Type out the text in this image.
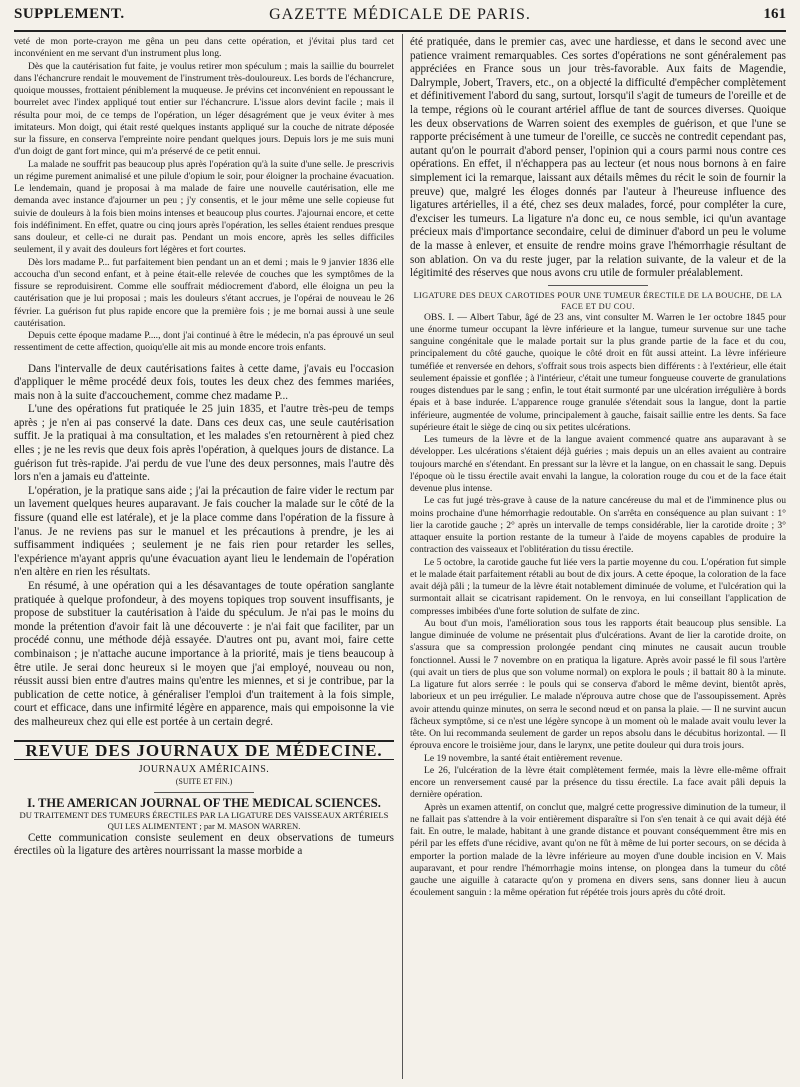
SUPPLEMENT.	GAZETTE MÉDICALE DE PARIS.	161

veté de mon porte-crayon me gêna un peu dans cette opération, et j'évitai plus tard cet inconvénient en me servant d'un instrument plus long.

Dès que la cautérisation fut faite, je voulus retirer mon spéculum ; mais la saillie du bourrelet dans l'échancrure rendait le mouvement de l'instrument très-douloureux. Les bords de l'échancrure, quoique mousses, frottaient péniblement la muqueuse. Je prévins cet inconvénient en repoussant le bourrelet avec l'index appliqué tout entier sur l'échancrure. L'issue alors devint facile ; mais il résulta pour moi, de ce temps de l'opération, un léger désagrément que je veux éviter à mes imitateurs. Mon doigt, qui était resté quelques instants appliqué sur la couche de nitrate déposée sur la fissure, en conserva l'empreinte noire pendant quelques jours. Depuis lors je me suis muni d'un doigt de gant fort mince, qui m'a préservé de ce petit ennui.

La malade ne souffrit pas beaucoup plus après l'opération qu'à la suite d'une selle. Je prescrivis un régime purement animalisé et une pilule d'opium le soir, pour éloigner la prochaine évacuation. Le lendemain, quand je proposai à ma malade de faire une nouvelle cautérisation, elle me demanda avec instance d'ajourner un peu ; j'y consentis, et le jour même une selle copieuse fut suivie de douleurs à la fois bien moins intenses et beaucoup plus courtes. J'ajournai encore, et cette fois indéfiniment. En effet, quatre ou cinq jours après l'opération, les selles étaient rendues presque sans douleur, et celle-ci ne durait pas. Pendant un mois encore, après les selles difficiles seulement, il y avait des douleurs fort légères et fort courtes.

Dès lors madame P... fut parfaitement bien pendant un an et demi ; mais le 9 janvier 1836 elle accoucha d'un second enfant, et à peine était-elle relevée de couches que les symptômes de la fissure se reproduisirent. Comme elle souffrait médiocrement d'abord, elle éloigna un peu la cautérisation que je lui proposai ; mais les douleurs s'étant accrues, je l'opérai de nouveau le 26 février. La guérison fut plus rapide encore que la première fois ; je me bornai aussi à une seule cautérisation.

Depuis cette époque madame P...., dont j'ai continué à être le médecin, n'a pas éprouvé un seul ressentiment de cette affection, quoiqu'elle ait mis au monde encore trois enfants.

Dans l'intervalle de deux cautérisations faites à cette dame, j'avais eu l'occasion d'appliquer le même procédé deux fois, toutes les deux chez des femmes mariées, mais non à la suite d'accouchement, comme chez madame P...

L'une des opérations fut pratiquée le 25 juin 1835, et l'autre très-peu de temps après ; je n'en ai pas conservé la date. Dans ces deux cas, une seule cautérisation suffit. Je la pratiquai à ma consultation, et les malades s'en retournèrent à pied chez elles ; je ne les revis que deux fois après l'opération, à quelques jours de distance. La guérison fut très-rapide. J'ai perdu de vue l'une des deux personnes, mais l'autre dès lors n'en a jamais eu d'atteinte.

L'opération, je la pratique sans aide ; j'ai la précaution de faire vider le rectum par un lavement quelques heures auparavant. Je fais coucher la malade sur le côté de la fissure (quand elle est latérale), et je la place comme dans l'opération de la fissure à l'anus. Je ne reviens pas sur le manuel et les précautions à prendre, je les ai suffisamment indiquées ; seulement je ne fais rien pour retarder les selles, l'expérience m'ayant appris qu'une évacuation ayant lieu le lendemain de l'opération n'en altère en rien les résultats.

En résumé, à une opération qui a les désavantages de toute opération sanglante pratiquée à quelque profondeur, à des moyens topiques trop souvent insuffisants, je propose de substituer la cautérisation à l'aide du spéculum. Je n'ai pas le moins du monde la prétention d'avoir fait là une découverte : je n'ai fait que faciliter, par un procédé connu, une méthode déjà essayée. D'autres ont pu, avant moi, faire cette combinaison ; je n'attache aucune importance à la priorité, mais je tiens beaucoup à être utile. Je serai donc heureux si le moyen que j'ai employé, nouveau ou non, réussit aussi bien entre d'autres mains qu'entre les miennes, et si je contribue, par la publication de cette notice, à généraliser l'emploi d'un traitement à la fois simple, court et efficace, dans une infirmité légère en apparence, mais qui empoisonne la vie des malheureux chez qui elle est portée à un certain degré.

REVUE DES JOURNAUX DE MÉDECINE.

JOURNAUX AMÉRICAINS.

(SUITE ET FIN.)

I. THE AMERICAN JOURNAL OF THE MEDICAL SCIENCES.

DU TRAITEMENT DES TUMEURS ÉRECTILES PAR LA LIGATURE DES VAISSEAUX ARTÉRIELS QUI LES ALIMENTENT ; par M. MASON WARREN.

Cette communication consiste seulement en deux observations de tumeurs érectiles où la ligature des artères nourrissant la masse morbide a

été pratiquée, dans le premier cas, avec une hardiesse, et dans le second avec une patience vraiment remarquables. Ces sortes d'opérations ne sont généralement pas appréciées en France sous un jour très-favorable. Aux faits de Magendie, Dalrymple, Jobert, Travers, etc., on a objecté la difficulté d'empêcher complètement et définitivement l'abord du sang, surtout, lorsqu'il s'agit de tumeurs de l'oreille et de la tempe, régions où le courant artériel afflue de tant de sources diverses. Quoique les deux observations de Warren soient des exemples de guérison, et que l'une se rapporte précisément à une tumeur de l'oreille, ce succès ne contredit cependant pas, autant qu'on le pourrait d'abord penser, l'opinion qui a cours parmi nous contre ces opérations. En effet, il n'échappera pas au lecteur (et nous nous bornons à en faire simplement ici la remarque, laissant aux détails mêmes du récit le soin de fournir la preuve) que, malgré les éloges donnés par l'auteur à l'heureuse influence des ligatures artérielles, il a été, chez ses deux malades, forcé, pour compléter la cure, d'exciser les tumeurs. La ligature n'a donc eu, ce nous semble, ici qu'un avantage précieux mais d'importance secondaire, celui de diminuer d'abord un peu le volume de la masse à enlever, et ensuite de rendre moins grave l'hémorrhagie résultant de son ablation. On va du reste juger, par la relation suivante, de la valeur et de la légitimité des réserves que nous avons cru utile de formuler préalablement.

LIGATURE DES DEUX CAROTIDES POUR UNE TUMEUR ÉRECTILE DE LA BOUCHE, DE LA FACE ET DU COU.

OBS. I. — Albert Tabur, âgé de 23 ans, vint consulter M. Warren le 1er octobre 1845 pour une énorme tumeur occupant la lèvre inférieure et la langue, tumeur survenue sur une tache sanguine congénitale que le malade portait sur la plus grande partie de la face et du cou, principalement du côté gauche, quoique le côté droit en fût aussi atteint. La lèvre inférieure tuméfiée et renversée en dehors, s'offrait sous trois aspects bien différents : à l'extérieur, elle était seulement épaissie et gonflée ; à l'intérieur, c'était une tumeur fongueuse couverte de granulations rouges distendues par le sang ; enfin, le tout était surmonté par une ulcération irrégulière à bords épais et à base indurée. L'apparence rouge granulée s'étendait sous la langue, dont la partie inférieure, augmentée de volume, principalement à gauche, faisait saillie entre les dents. Sa face supérieure était le siège de cinq ou six petites ulcérations.

Les tumeurs de la lèvre et de la langue avaient commencé quatre ans auparavant à se développer. Les ulcérations s'étaient déjà guéries ; mais depuis un an elles avaient au contraire toujours marché en s'étendant. En pressant sur la lèvre et la langue, on en chassait le sang. Depuis l'époque où le tissu érectile avait envahi la langue, la coloration rouge du cou et de la face était devenue plus intense.

Le cas fut jugé très-grave à cause de la nature cancéreuse du mal et de l'imminence plus ou moins prochaine d'une hémorrhagie redoutable. On s'arrêta en conséquence au plan suivant : 1° lier la carotide gauche ; 2° après un intervalle de temps considérable, lier la carotide droite ; 3° attaquer ensuite la portion restante de la tumeur à l'aide de moyens capables de produire la contraction des vaisseaux et l'oblitération du tissu érectile.

Le 5 octobre, la carotide gauche fut liée vers la partie moyenne du cou. L'opération fut simple et le malade était parfaitement rétabli au bout de dix jours. A cette époque, la coloration de la face avait déjà pâli ; la tumeur de la lèvre était notablement diminuée de volume, et l'ulcération qui la surmontait allait se cicatrisant rapidement. On le renvoya, en lui conseillant l'application de compresses imbibées d'une forte solution de sulfate de zinc.

Au bout d'un mois, l'amélioration sous tous les rapports était beaucoup plus sensible. La langue diminuée de volume ne présentait plus d'ulcérations. Avant de lier la carotide droite, on s'assura que sa compression prolongée pendant cinq minutes ne causait aucun trouble fonctionnel. Aussi le 7 novembre on en pratiqua la ligature. Après avoir passé le fil sous l'artère (qui avait un tiers de plus que son volume normal) on explora le pouls ; il battait 80 à la minute. La ligature fut alors serrée : le pouls qui se conserva d'abord le même devint, bientôt après, laborieux et un peu irrégulier. Le malade n'éprouva autre chose que de l'assoupissement. Après avoir attendu quinze minutes, on serra le second nœud et on pansa la plaie. — Il ne survint aucun fâcheux symptôme, si ce n'est une légère syncope à un moment où le malade avait voulu lever la tête. On lui recommanda seulement de garder un repos absolu dans le décubitus horizontal. — Il éprouva encore le troisième jour, dans le larynx, une petite douleur qui dura trois jours.

Le 19 novembre, la santé était entièrement revenue.

Le 26, l'ulcération de la lèvre était complètement fermée, mais la lèvre elle-même offrait encore un renversement causé par la présence du tissu érectile. La face avait pâli depuis la dernière opération.

Après un examen attentif, on conclut que, malgré cette progressive diminution de la tumeur, il ne fallait pas s'attendre à la voir entièrement disparaître si l'on s'en tenait à ce qui avait déjà été fait. En outre, le malade, habitant à une grande distance et pouvant conséquemment être mis en péril par les effets d'une récidive, avant qu'on ne fût à même de lui porter secours, on se décida à emporter la portion malade de la lèvre inférieure au moyen d'une double incision en V. Mais auparavant, et pour rendre l'hémorrhagie moins intense, on plongea dans la tumeur du côté gauche une aiguille à cataracte qu'on y promena en divers sens, sans donner lieu à aucun écoulement sanguin : la même opération fut répétée trois jours après du côté droit.
